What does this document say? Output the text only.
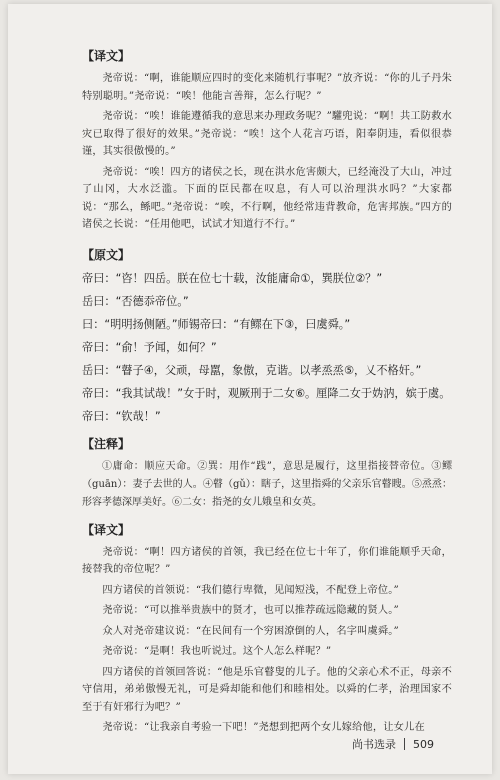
【译文】

尧帝说：“啊，谁能顺应四时的变化来随机行事呢？”放齐说：“你的儿子丹朱特别聪明。”尧帝说：“唉！他能言善辩，怎么行呢？”

尧帝说：“唉！谁能遵循我的意思来办理政务呢？”驩兜说：“啊！共工防救水灾已取得了很好的效果。”尧帝说：“唉！这个人花言巧语，阳奉阴违，看似很恭谨，其实很傲慢的。”

尧帝说：“唉！四方的诸侯之长，现在洪水危害颇大，已经淹没了大山，冲过了山冈，大水泛滥。下面的臣民都在叹息，有人可以治理洪水吗？”大家都说：“那么，鲧吧。”尧帝说：“唉，不行啊，他经常违背教命，危害邦族。”四方的诸侯之长说：“任用他吧，试试才知道行不行。”

【原文】

帝曰：“咨！四岳。朕在位七十载，汝能庸命①，巽朕位②？”

岳曰：“否德忝帝位。”

曰：“明明扬侧陋。”师锡帝曰：“有鳏在下③，曰虞舜。”

帝曰：“俞！予闻，如何？”

岳曰：“瞽子④，父顽，母嚚，象傲，克谐。以孝烝烝⑤，乂不格奸。”

帝曰：“我其试哉！”女于时，观厥刑于二女⑥。厘降二女于妫汭，嫔于虞。

帝曰：“钦哉！”

【注释】

①庸命：顺应天命。②巽：用作“践”，意思是履行，这里指接替帝位。③鳏（guān）：妻子去世的人。④瞽（gǔ）：瞎子，这里指舜的父亲乐官瞽瞍。⑤烝烝：形容孝德深厚美好。⑥二女：指尧的女儿娥皇和女英。

【译文】

尧帝说：“啊！四方诸侯的首领，我已经在位七十年了，你们谁能顺乎天命，接替我的帝位呢？”

四方诸侯的首领说：“我们德行卑微，见闻短浅，不配登上帝位。”

尧帝说：“可以推举贵族中的贤才，也可以推荐疏远隐藏的贤人。”

众人对尧帝建议说：“在民间有一个穷困潦倒的人，名字叫虞舜。”

尧帝说：“是啊！我也听说过。这个人怎么样呢？”

四方诸侯的首领回答说：“他是乐官瞽叟的儿子。他的父亲心术不正，母亲不守信用，弟弟傲慢无礼，可是舜却能和他们和睦相处。以舜的仁孝，治理国家不至于有奸邪行为吧？”

尧帝说：“让我亲自考验一下吧！”尧想到把两个女儿嫁给他，让女儿在

尚书选录 509
